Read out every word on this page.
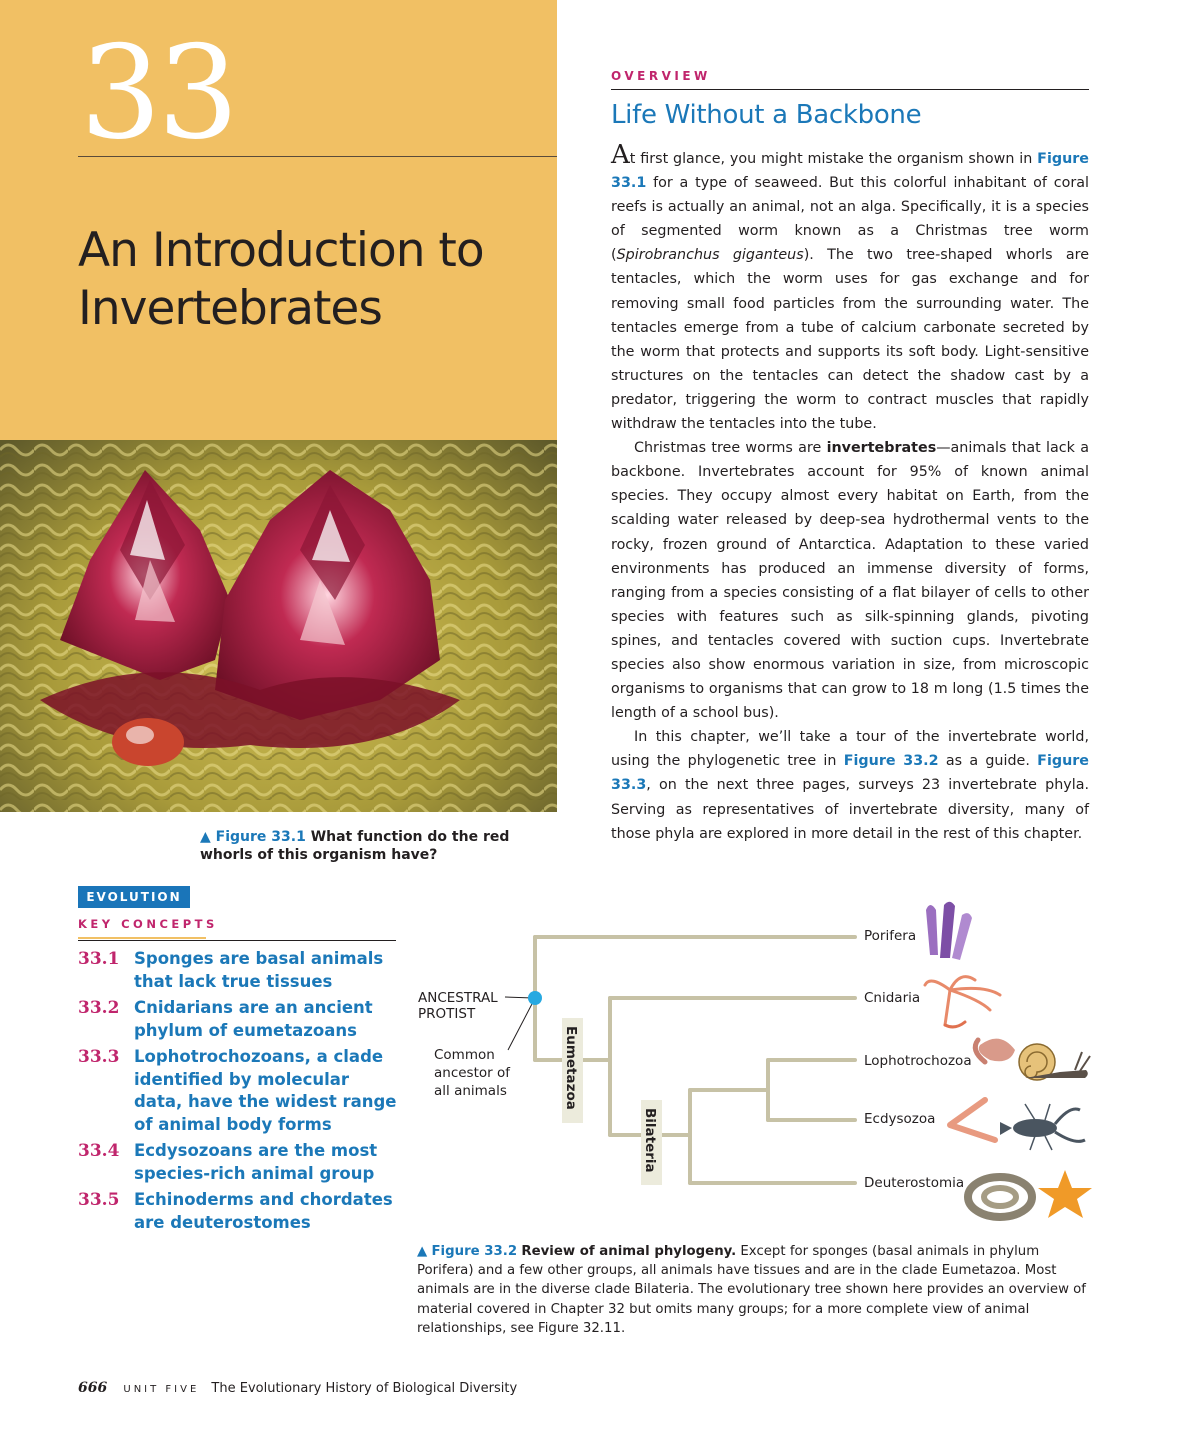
33
An Introduction to Invertebrates
▲ Figure 33.1 What function do the red whorls of this organism have?
EVOLUTION
KEY CONCEPTS
33.1 Sponges are basal animals that lack true tissues
33.2 Cnidarians are an ancient phylum of eumetazoans
33.3 Lophotrochozoans, a clade identified by molecular data, have the widest range of animal body forms
33.4 Ecdysozoans are the most species-rich animal group
33.5 Echinoderms and chordates are deuterostomes
OVERVIEW
Life Without a Backbone

At first glance, you might mistake the organism shown in Figure 33.1 for a type of seaweed. But this colorful inhabitant of coral reefs is actually an animal, not an alga. Specifically, it is a species of segmented worm known as a Christmas tree worm (Spirobranchus giganteus). The two tree-shaped whorls are tentacles, which the worm uses for gas exchange and for removing small food particles from the surrounding water. The tentacles emerge from a tube of calcium carbonate secreted by the worm that protects and supports its soft body. Light-sensitive structures on the tentacles can detect the shadow cast by a predator, triggering the worm to contract muscles that rapidly withdraw the tentacles into the tube.

Christmas tree worms are invertebrates—animals that lack a backbone. Invertebrates account for 95% of known animal species. They occupy almost every habitat on Earth, from the scalding water released by deep-sea hydrothermal vents to the rocky, frozen ground of Antarctica. Adaptation to these varied environments has produced an immense diversity of forms, ranging from a species consisting of a flat bilayer of cells to other species with features such as silk-spinning glands, pivoting spines, and tentacles covered with suction cups. Invertebrate species also show enormous variation in size, from microscopic organisms to organisms that can grow to 18 m long (1.5 times the length of a school bus).

In this chapter, we’ll take a tour of the invertebrate world, using the phylogenetic tree in Figure 33.2 as a guide. Figure 33.3, on the next three pages, surveys 23 invertebrate phyla. Serving as representatives of invertebrate diversity, many of those phyla are explored in more detail in the rest of this chapter.

ANCESTRAL
PROTIST
Common
ancestor of
all animals	Eumetazoa
Bilateria
Porifera
Cnidaria
Lophotrochozoa
Ecdysozoa
Deuterostomia
▲ Figure 33.2 Review of animal phylogeny. Except for sponges (basal animals in phylum Porifera) and a few other groups, all animals have tissues and are in the clade Eumetazoa. Most animals are in the diverse clade Bilateria. The evolutionary tree shown here provides an overview of material covered in Chapter 32 but omits many groups; for a more complete view of animal relationships, see Figure 32.11.
666 UNIT FIVE The Evolutionary History of Biological Diversity
